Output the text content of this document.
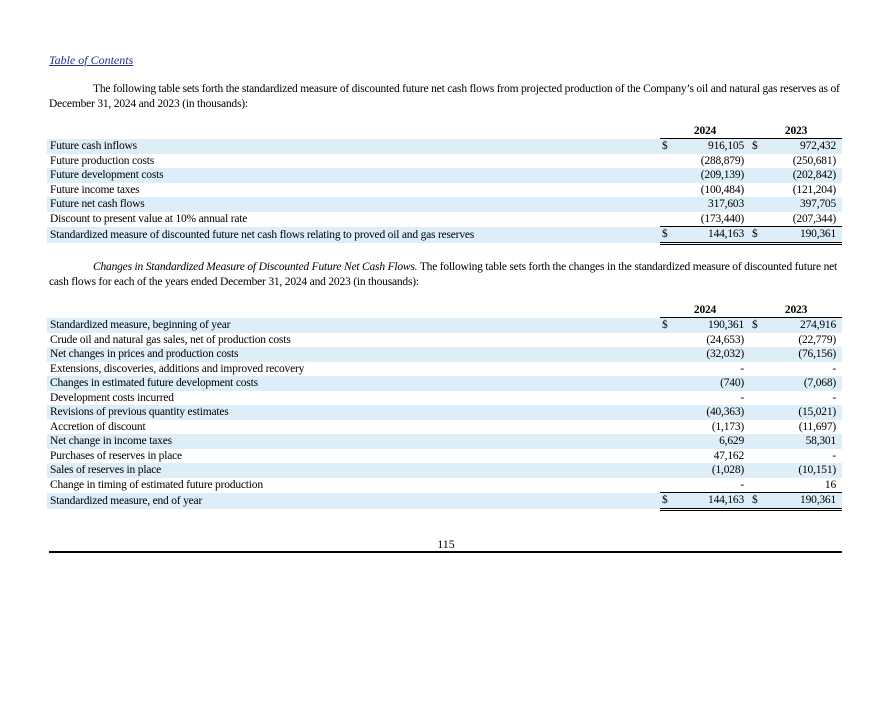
Table of Contents
The following table sets forth the standardized measure of discounted future net cash flows from projected production of the Company’s oil and natural gas reserves as of December 31, 2024 and 2023 (in thousands):
	2024		2023	
Future cash inflows	$	916,105	$	972,432
Future production costs		(288,879)		(250,681)
Future development costs		(209,139)		(202,842)
Future income taxes		(100,484)		(121,204)
Future net cash flows		317,603		397,705
Discount to present value at 10% annual rate		(173,440)		(207,344)
Standardized measure of discounted future net cash flows relating to proved oil and gas reserves	$	144,163	$	190,361
Changes in Standardized Measure of Discounted Future Net Cash Flows. The following table sets forth the changes in the standardized measure of discounted future net cash flows for each of the years ended December 31, 2024 and 2023 (in thousands):
	2024		2023	
Standardized measure, beginning of year	$	190,361	$	274,916
Crude oil and natural gas sales, net of production costs		(24,653)		(22,779)
Net changes in prices and production costs		(32,032)		(76,156)
Extensions, discoveries, additions and improved recovery		-		-
Changes in estimated future development costs		(740)		(7,068)
Development costs incurred		-		-
Revisions of previous quantity estimates		(40,363)		(15,021)
Accretion of discount		(1,173)		(11,697)
Net change in income taxes		6,629		58,301
Purchases of reserves in place		47,162		-
Sales of reserves in place		(1,028)		(10,151)
Change in timing of estimated future production		-		16
Standardized measure, end of year	$	144,163	$	190,361
115
